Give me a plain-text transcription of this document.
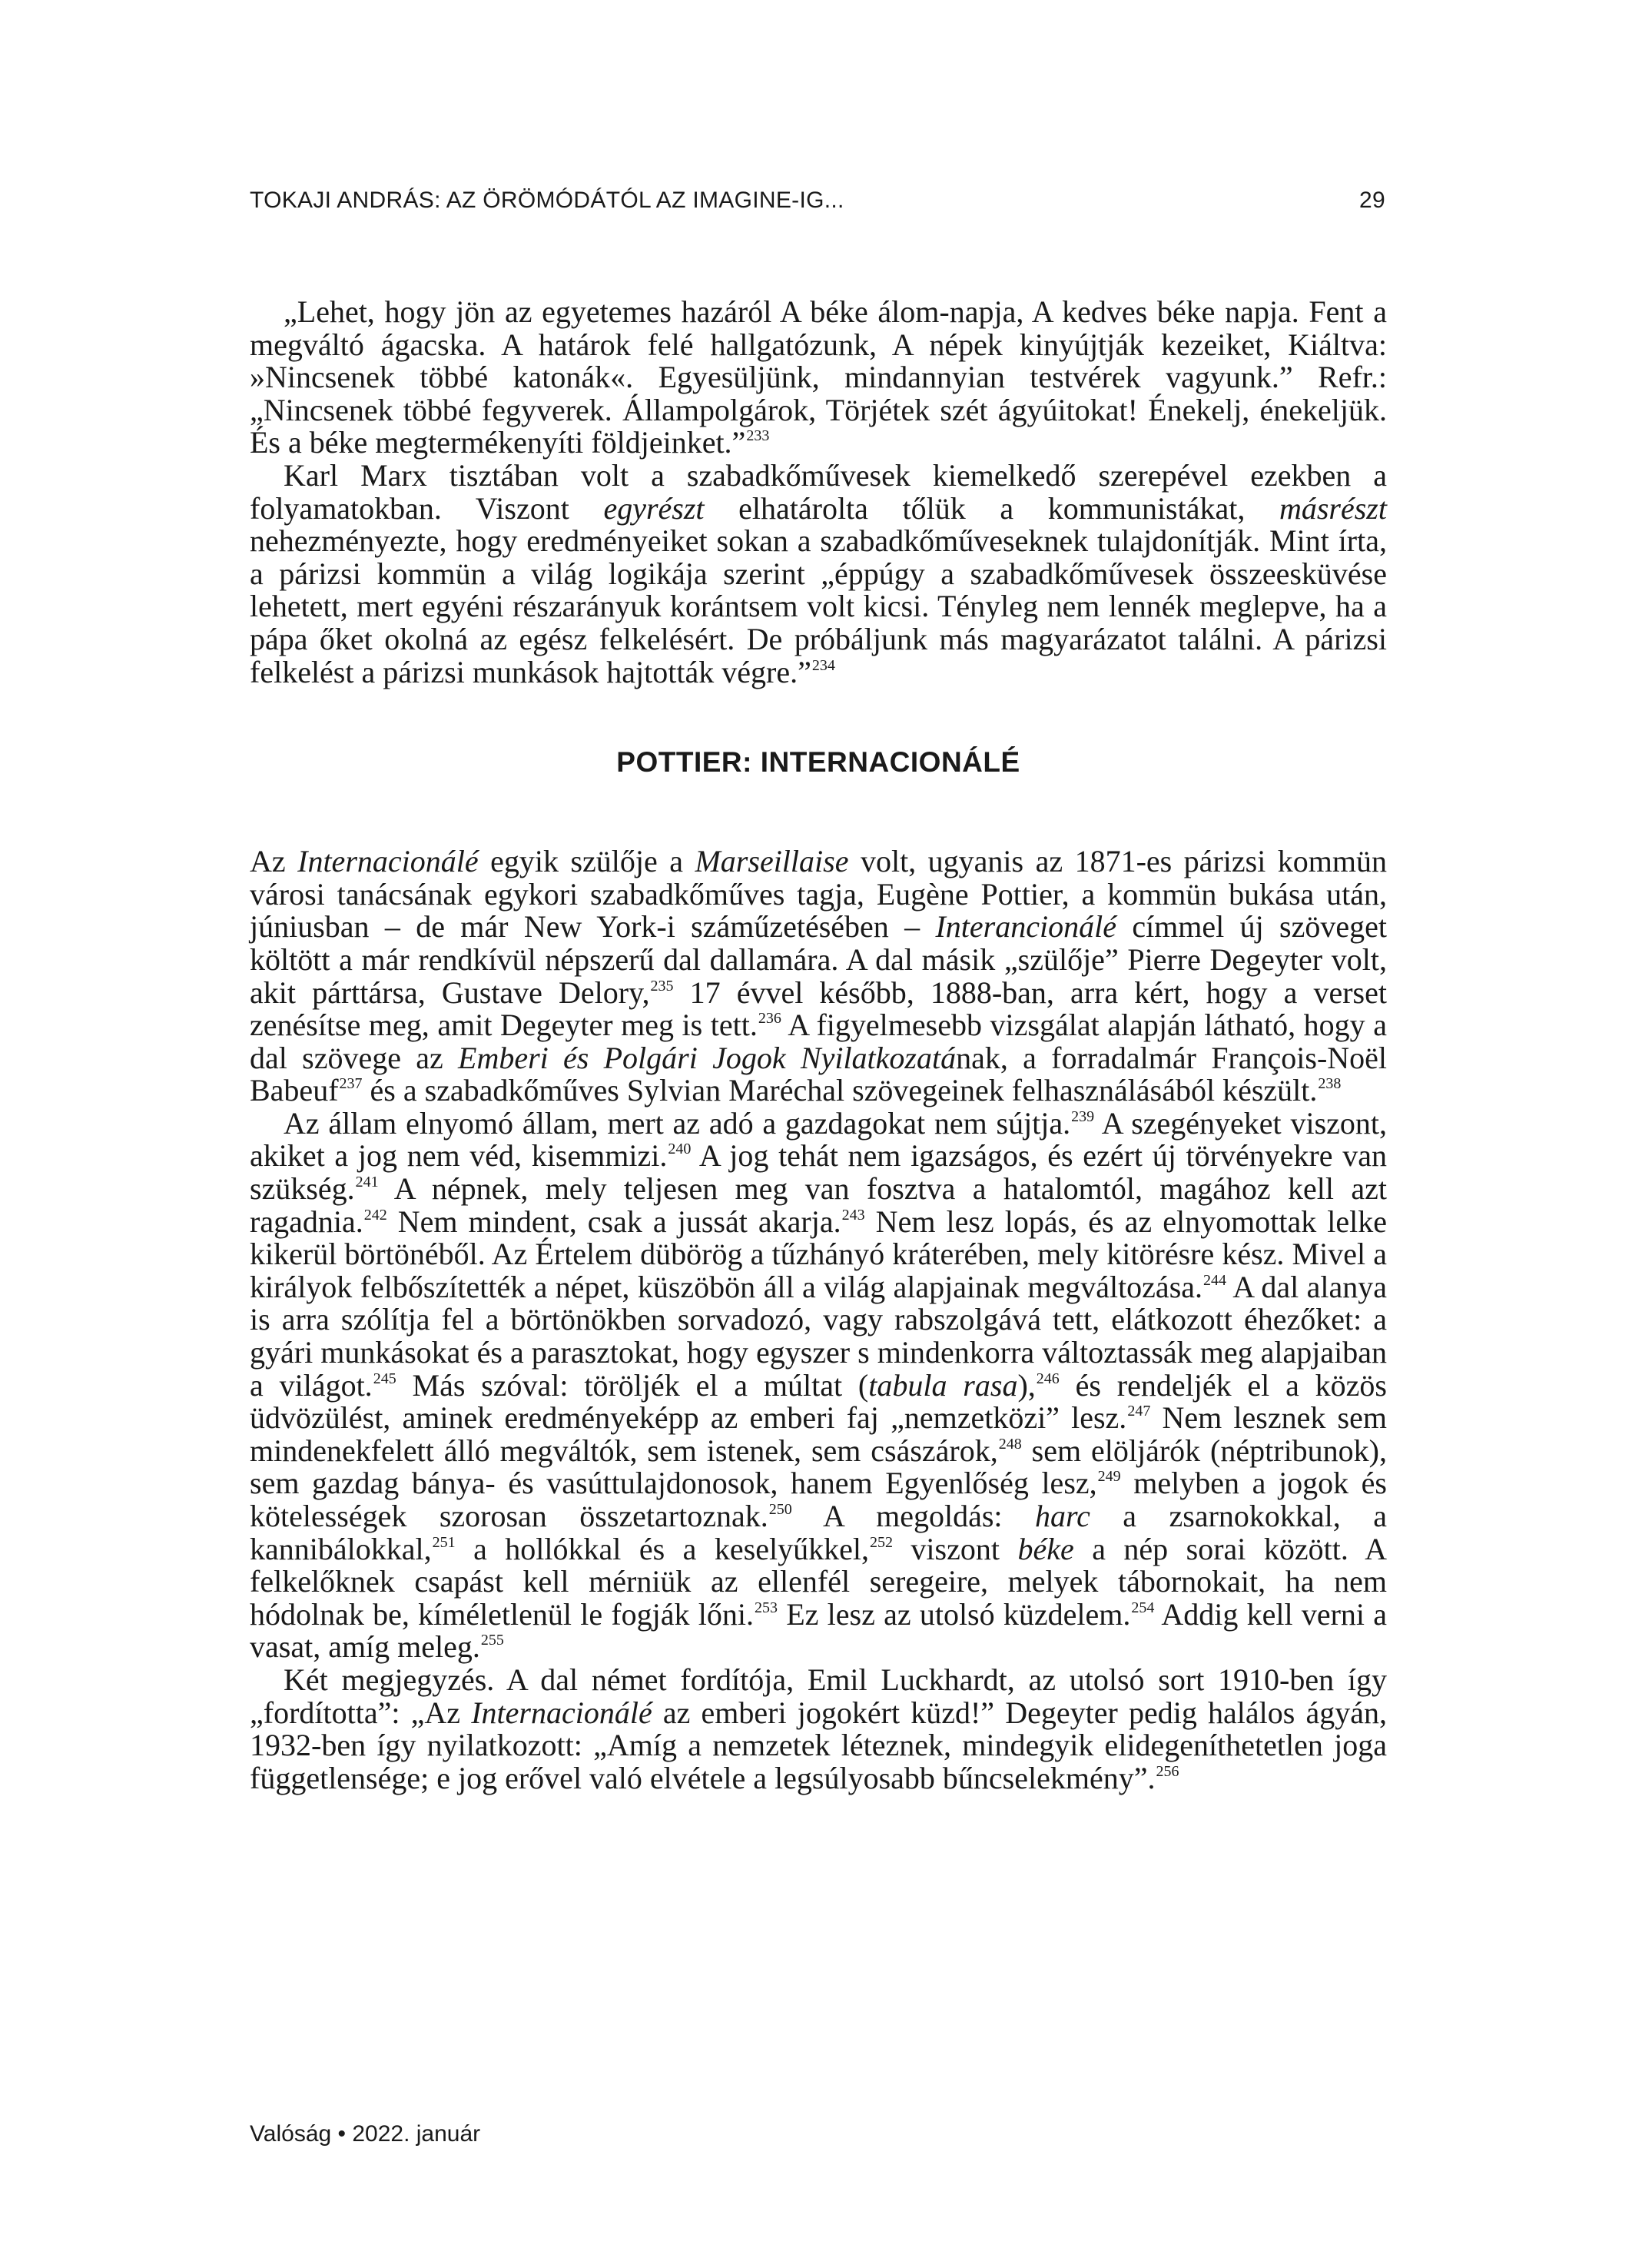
TOKAJI ANDRÁS: AZ ÖRÖMÓDÁTÓL AZ IMAGINE-IG...	29

„Lehet, hogy jön az egyetemes hazáról A béke álom-napja, A kedves béke napja. Fent a megváltó ágacska. A határok felé hallgatózunk, A népek kinyújtják kezeiket, Kiáltva: »Nincsenek többé katonák«. Egyesüljünk, mindannyian testvérek vagyunk.” Refr.: „Nincsenek többé fegyverek. Állampolgárok, Törjétek szét ágyúitokat! Énekelj, énekeljük. És a béke megtermékenyíti földjeinket.”$^{233}$

Karl Marx tisztában volt a szabadkőművesek kiemelkedő szerepével ezekben a folyamatokban. Viszont egyrészt elhatárolta tőlük a kommunistákat, másrészt nehezményezte, hogy eredményeiket sokan a szabadkőműveseknek tulajdonítják. Mint írta, a párizsi kommün a világ logikája szerint „éppúgy a szabadkőművesek összeesküvése lehetett, mert egyéni részarányuk korántsem volt kicsi. Tényleg nem lennék meglepve, ha a pápa őket okolná az egész felkelésért. De próbáljunk más magyarázatot találni. A párizsi felkelést a párizsi munkások hajtották végre.”$^{234}$

POTTIER: INTERNACIONÁLÉ

Az Internacionálé egyik szülője a Marseillaise volt, ugyanis az 1871-es párizsi kommün városi tanácsának egykori szabadkőműves tagja, Eugène Pottier, a kommün bukása után, júniusban – de már New York-i száműzetésében – Interancionálé címmel új szöveget költött a már rendkívül népszerű dal dallamára. A dal másik „szülője” Pierre Degeyter volt, akit párttársa, Gustave Delory,$^{235}$ 17 évvel később, 1888-ban, arra kért, hogy a verset zenésítse meg, amit Degeyter meg is tett.$^{236}$ A figyelmesebb vizsgálat alapján látható, hogy a dal szövege az Emberi és Polgári Jogok Nyilatkozatának, a forradalmár François-Noël Babeuf$^{237}$ és a szabadkőműves Sylvian Maréchal szövegeinek felhasználásából készült.$^{238}$

Az állam elnyomó állam, mert az adó a gazdagokat nem sújtja.$^{239}$ A szegényeket viszont, akiket a jog nem véd, kisemmizi.$^{240}$ A jog tehát nem igazságos, és ezért új törvényekre van szükség.$^{241}$ A népnek, mely teljesen meg van fosztva a hatalomtól, magához kell azt ragadnia.$^{242}$ Nem mindent, csak a jussát akarja.$^{243}$ Nem lesz lopás, és az elnyomottak lelke kikerül börtönéből. Az Értelem dübörög a tűzhányó kráterében, mely kitörésre kész. Mivel a királyok felbőszítették a népet, küszöbön áll a világ alapjainak megváltozása.$^{244}$ A dal alanya is arra szólítja fel a börtönökben sorvadozó, vagy rabszolgává tett, elátkozott éhezőket: a gyári munkásokat és a parasztokat, hogy egyszer s mindenkorra változtassák meg alapjaiban a világot.$^{245}$ Más szóval: töröljék el a múltat (tabula rasa),$^{246}$ és rendeljék el a közös üdvözülést, aminek eredményeképp az emberi faj „nemzetközi” lesz.$^{247}$ Nem lesznek sem mindenekfelett álló megváltók, sem istenek, sem császárok,$^{248}$ sem elöljárók (néptribunok), sem gazdag bánya- és vasúttulajdonosok, hanem Egyenlőség lesz,$^{249}$ melyben a jogok és kötelességek szorosan összetartoznak.$^{250}$ A megoldás: harc a zsarnokokkal, a kannibálokkal,$^{251}$ a hollókkal és a keselyűkkel,$^{252}$ viszont béke a nép sorai között. A felkelőknek csapást kell mérniük az ellenfél seregeire, melyek tábornokait, ha nem hódolnak be, kíméletlenül le fogják lőni.$^{253}$ Ez lesz az utolsó küzdelem.$^{254}$ Addig kell verni a vasat, amíg meleg.$^{255}$

Két megjegyzés. A dal német fordítója, Emil Luckhardt, az utolsó sort 1910-ben így „fordította”: „Az Internacionálé az emberi jogokért küzd!” Degeyter pedig halálos ágyán, 1932-ben így nyilatkozott: „Amíg a nemzetek léteznek, mindegyik elidegeníthetetlen joga függetlensége; e jog erővel való elvétele a legsúlyosabb bűncselekmény”.$^{256}$

Valóság • 2022. január
